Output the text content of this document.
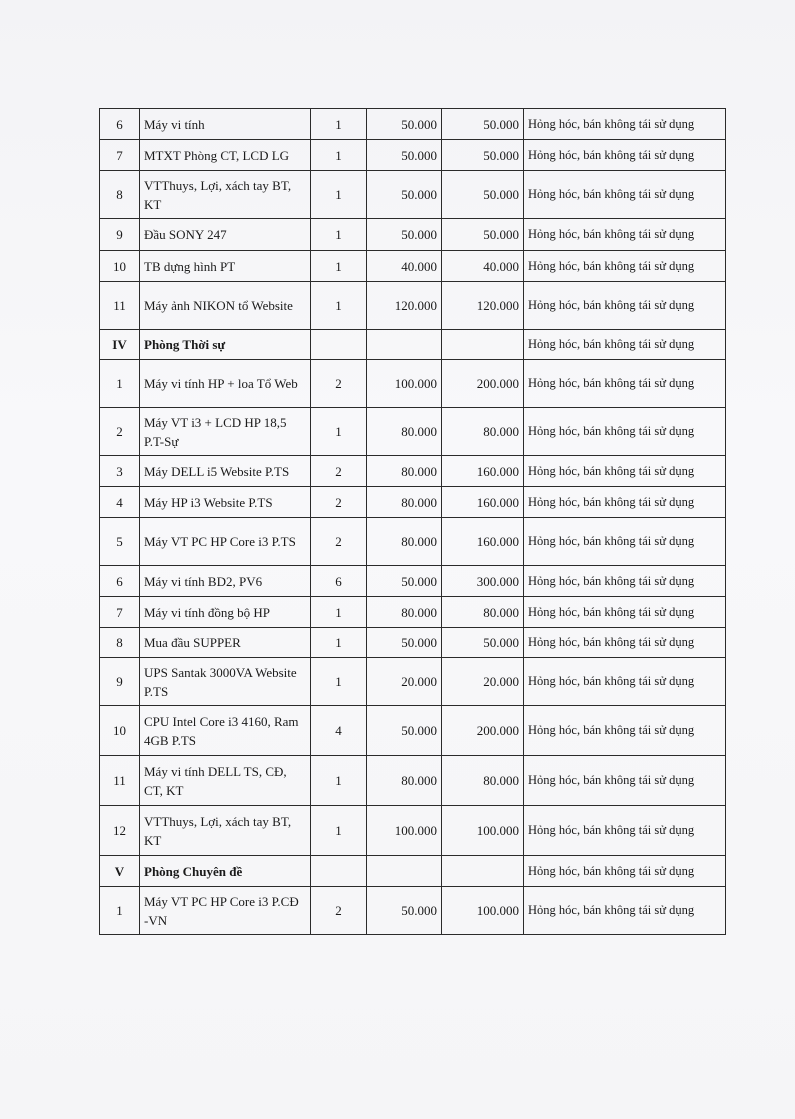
6	Máy vi tính	1	50.000	50.000	Hỏng hóc, bán không tái sử dụng
7	MTXT Phòng CT, LCD LG	1	50.000	50.000	Hỏng hóc, bán không tái sử dụng
8	VTThuys, Lợi, xách tay BT, KT	1	50.000	50.000	Hỏng hóc, bán không tái sử dụng
9	Đầu SONY 247	1	50.000	50.000	Hỏng hóc, bán không tái sử dụng
10	TB dựng hình PT	1	40.000	40.000	Hỏng hóc, bán không tái sử dụng
11	Máy ảnh NIKON tổ Website	1	120.000	120.000	Hỏng hóc, bán không tái sử dụng
IV	Phòng Thời sự				Hỏng hóc, bán không tái sử dụng
1	Máy vi tính HP + loa Tổ Web	2	100.000	200.000	Hỏng hóc, bán không tái sử dụng
2	Máy VT i3 + LCD HP 18,5 P.T-Sự	1	80.000	80.000	Hỏng hóc, bán không tái sử dụng
3	Máy DELL i5 Website P.TS	2	80.000	160.000	Hỏng hóc, bán không tái sử dụng
4	Máy HP i3 Website P.TS	2	80.000	160.000	Hỏng hóc, bán không tái sử dụng
5	Máy VT PC HP Core i3 P.TS	2	80.000	160.000	Hỏng hóc, bán không tái sử dụng
6	Máy vi tính BD2, PV6	6	50.000	300.000	Hỏng hóc, bán không tái sử dụng
7	Máy vi tính đồng bộ HP	1	80.000	80.000	Hỏng hóc, bán không tái sử dụng
8	Mua đầu SUPPER	1	50.000	50.000	Hỏng hóc, bán không tái sử dụng
9	UPS Santak 3000VA Website P.TS	1	20.000	20.000	Hỏng hóc, bán không tái sử dụng
10	CPU Intel Core i3 4160, Ram 4GB P.TS	4	50.000	200.000	Hỏng hóc, bán không tái sử dụng
11	Máy vi tính DELL TS, CĐ, CT, KT	1	80.000	80.000	Hỏng hóc, bán không tái sử dụng
12	VTThuys, Lợi, xách tay BT, KT	1	100.000	100.000	Hỏng hóc, bán không tái sử dụng
V	Phòng Chuyên đề				Hỏng hóc, bán không tái sử dụng
1	Máy VT PC HP Core i3 P.CĐ -VN	2	50.000	100.000	Hỏng hóc, bán không tái sử dụng
